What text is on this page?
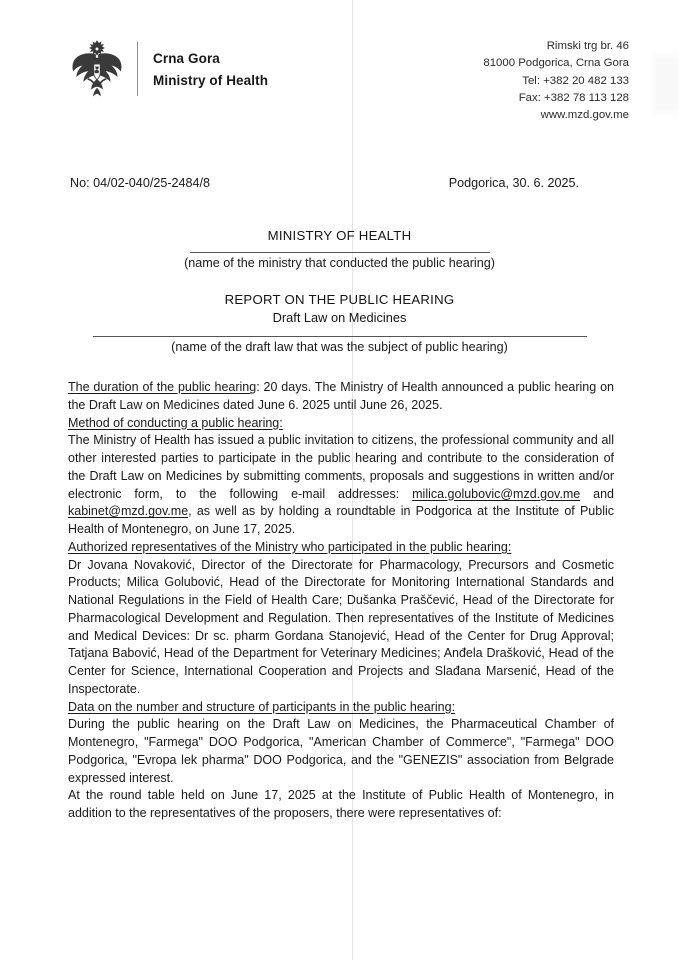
Crna Gora
Ministry of Health
Rimski trg br. 46
81000 Podgorica, Crna Gora
Tel: +382 20 482 133
Fax: +382 78 113 128
www.mzd.gov.me
No: 04/02-040/25-2484/8	Podgorica, 30. 6. 2025.
MINISTRY OF HEALTH
(name of the ministry that conducted the public hearing)
REPORT ON THE PUBLIC HEARING
Draft Law on Medicines
(name of the draft law that was the subject of public hearing)

The duration of the public hearing: 20 days. The Ministry of Health announced a public hearing on the Draft Law on Medicines dated June 6. 2025 until June 26, 2025.

Method of conducting a public hearing:

The Ministry of Health has issued a public invitation to citizens, the professional community and all other interested parties to participate in the public hearing and contribute to the consideration of the Draft Law on Medicines by submitting comments, proposals and suggestions in written and/or electronic form, to the following e-mail addresses: milica.golubovic@mzd.gov.me and kabinet@mzd.gov.me, as well as by holding a roundtable in Podgorica at the Institute of Public Health of Montenegro, on June 17, 2025.

Authorized representatives of the Ministry who participated in the public hearing:

Dr Jovana Novaković, Director of the Directorate for Pharmacology, Precursors and Cosmetic Products; Milica Golubović, Head of the Directorate for Monitoring International Standards and National Regulations in the Field of Health Care; Dušanka Praščević, Head of the Directorate for Pharmacological Development and Regulation. Then representatives of the Institute of Medicines and Medical Devices: Dr sc. pharm Gordana Stanojević, Head of the Center for Drug Approval; Tatjana Babović, Head of the Department for Veterinary Medicines; Anđela Drašković, Head of the Center for Science, International Cooperation and Projects and Slađana Marsenić, Head of the Inspectorate.

Data on the number and structure of participants in the public hearing:

During the public hearing on the Draft Law on Medicines, the Pharmaceutical Chamber of Montenegro, "Farmega" DOO Podgorica, "American Chamber of Commerce", "Farmega" DOO Podgorica, "Evropa lek pharma" DOO Podgorica, and the "GENEZIS" association from Belgrade expressed interest.

At the round table held on June 17, 2025 at the Institute of Public Health of Montenegro, in addition to the representatives of the proposers, there were representatives of:
